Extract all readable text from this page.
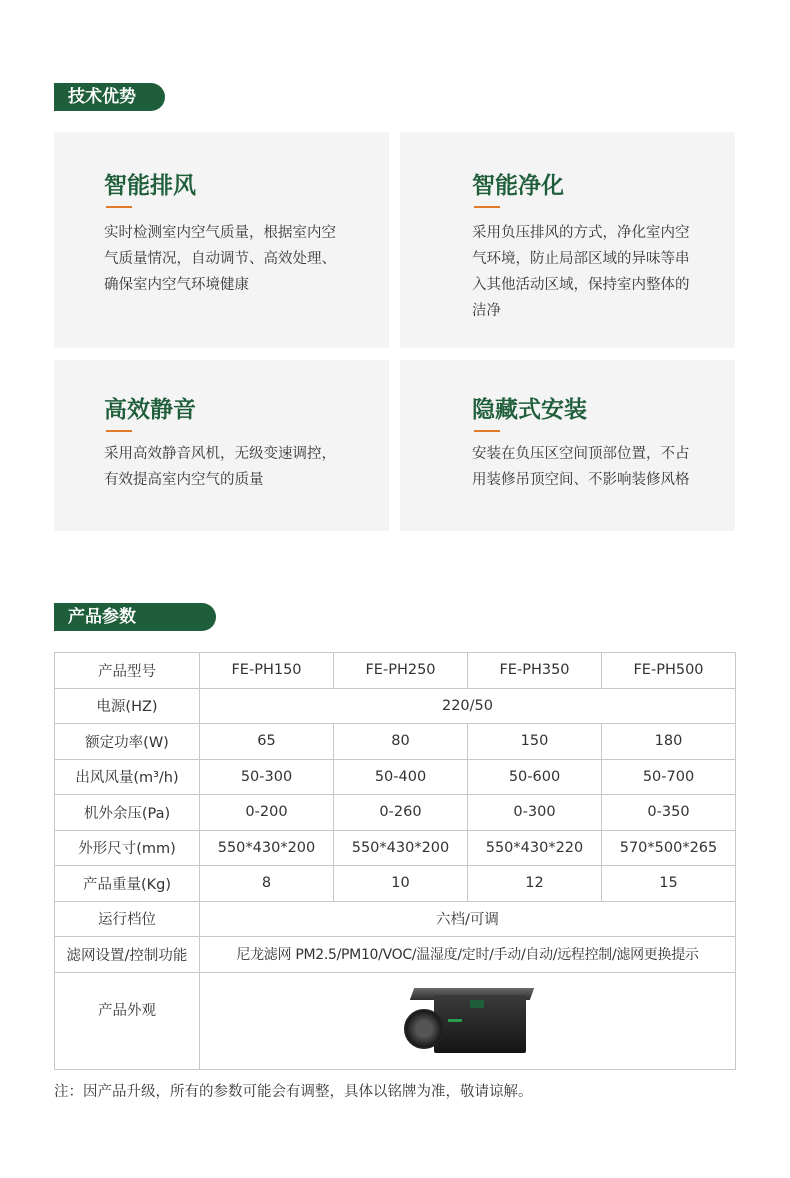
技术优势
智能排风
实时检测室内空气质量，根据室内空气质量情况，自动调节、高效处理、确保室内空气环境健康
智能净化
采用负压排风的方式，净化室内空气环境，防止局部区域的异味等串入其他活动区域，保持室内整体的洁净
高效静音
采用高效静音风机，无级变速调控，有效提高室内空气的质量
隐藏式安装
安装在负压区空间顶部位置，不占用装修吊顶空间、不影响装修风格
产品参数
产品型号	FE-PH150	FE-PH250	FE-PH350	FE-PH500
电源(HZ)	220/50			
额定功率(W)	65	80	150	180
出风风量(m³/h)	50-300	50-400	50-600	50-700
机外余压(Pa)	0-200	0-260	0-300	0-350
外形尺寸(mm)	550*430*200	550*430*200	550*430*220	570*500*265
产品重量(Kg)	8	10	12	15
运行档位	六档/可调			
滤网设置/控制功能	尼龙滤网 PM2.5/PM10/VOC/温湿度/定时/手动/自动/远程控制/滤网更换提示			
产品外观				
注：因产品升级，所有的参数可能会有调整，具体以铭牌为准，敬请谅解。
